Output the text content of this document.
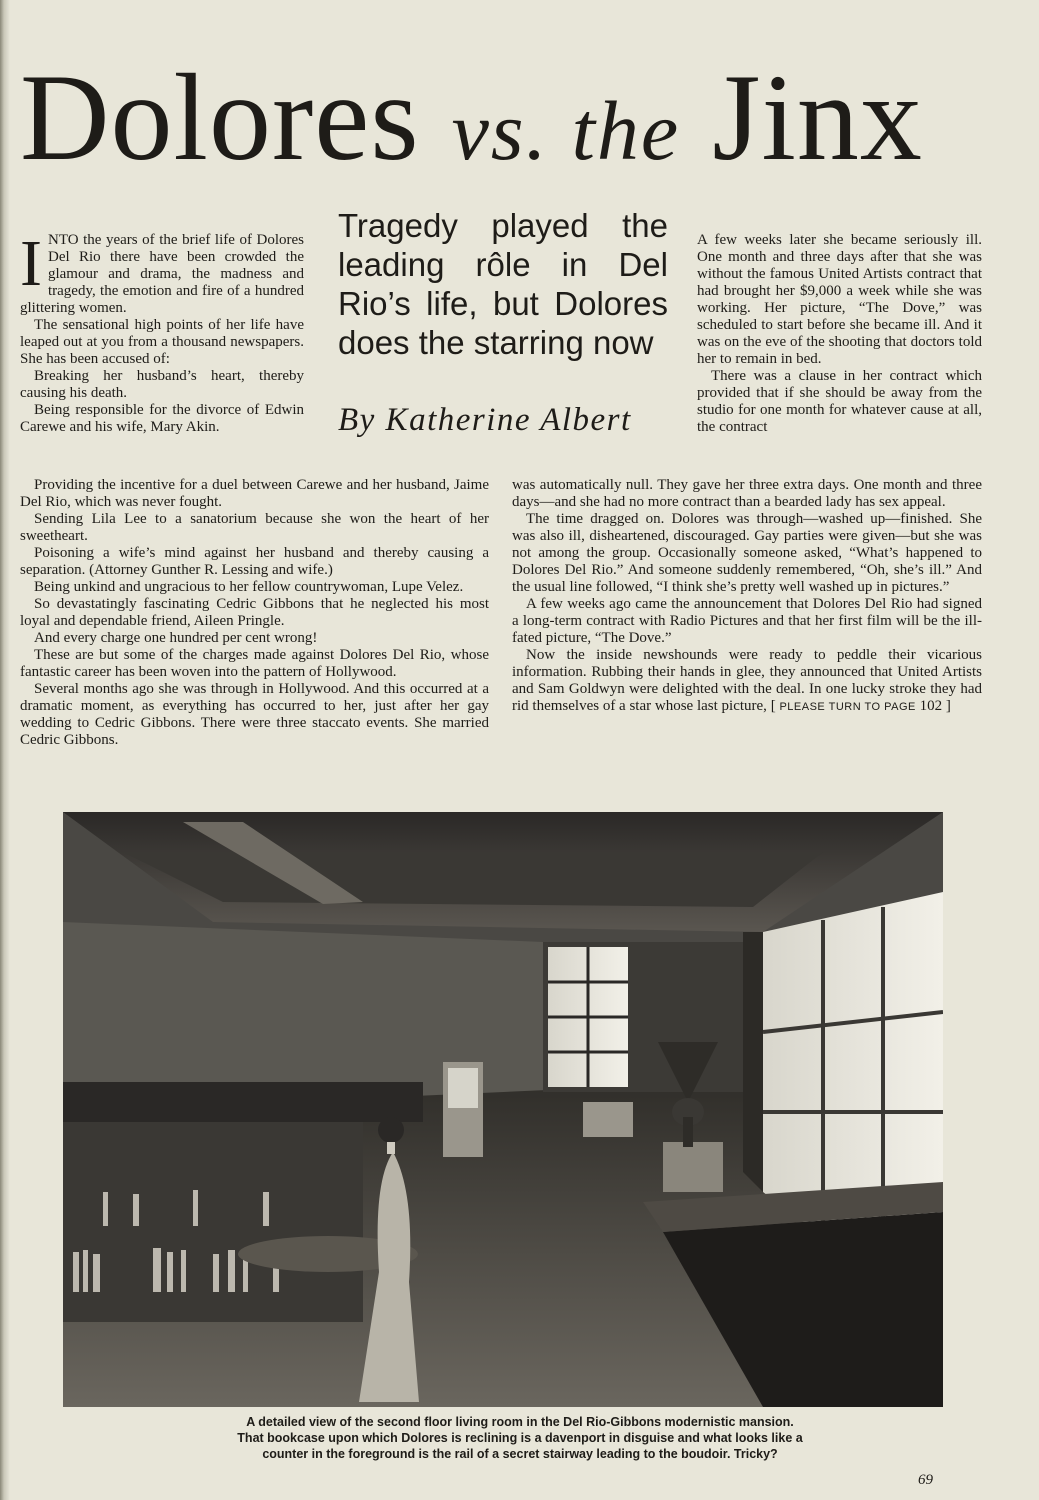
Dolores vs. the Jinx

INTO the years of the brief life of Dolores Del Rio there have been crowded the glamour and drama, the madness and tragedy, the emotion and fire of a hundred glittering women.

The sensational high points of her life have leaped out at you from a thousand newspapers. She has been accused of:

Breaking her husband’s heart, thereby causing his death.

Being responsible for the divorce of Edwin Carewe and his wife, Mary Akin.

Tragedy played the leading rôle in Del Rio’s life, but Dolores does the starring now

By Katherine Albert

A few weeks later she became seriously ill. One month and three days after that she was without the famous United Artists contract that had brought her $9,000 a week while she was working. Her picture, “The Dove,” was scheduled to start before she became ill. And it was on the eve of the shooting that doctors told her to remain in bed.

There was a clause in her contract which provided that if she should be away from the studio for one month for whatever cause at all, the contract

Providing the incentive for a duel between Carewe and her husband, Jaime Del Rio, which was never fought.

Sending Lila Lee to a sanatorium because she won the heart of her sweetheart.

Poisoning a wife’s mind against her husband and thereby causing a separation. (Attorney Gunther R. Lessing and wife.)

Being unkind and ungracious to her fellow countrywoman, Lupe Velez.

So devastatingly fascinating Cedric Gibbons that he neglected his most loyal and dependable friend, Aileen Pringle.

And every charge one hundred per cent wrong!

These are but some of the charges made against Dolores Del Rio, whose fantastic career has been woven into the pattern of Hollywood.

Several months ago she was through in Hollywood. And this occurred at a dramatic moment, as everything has occurred to her, just after her gay wedding to Cedric Gibbons. There were three staccato events. She married Cedric Gibbons.

was automatically null. They gave her three extra days. One month and three days—and she had no more contract than a bearded lady has sex appeal.

The time dragged on. Dolores was through—washed up—finished. She was also ill, disheartened, discouraged. Gay parties were given—but she was not among the group. Occasionally someone asked, “What’s happened to Dolores Del Rio.” And someone suddenly remembered, “Oh, she’s ill.” And the usual line followed, “I think she’s pretty well washed up in pictures.”

A few weeks ago came the announcement that Dolores Del Rio had signed a long-term contract with Radio Pictures and that her first film will be the ill-fated picture, “The Dove.”

Now the inside newshounds were ready to peddle their vicarious information. Rubbing their hands in glee, they announced that United Artists and Sam Goldwyn were delighted with the deal. In one lucky stroke they had rid themselves of a star whose last picture, [ PLEASE TURN TO PAGE 102 ]

A detailed view of the second floor living room in the Del Rio-Gibbons modernistic mansion.
That bookcase upon which Dolores is reclining is a davenport in disguise and what looks like a
counter in the foreground is the rail of a secret stairway leading to the boudoir. Tricky?

69
